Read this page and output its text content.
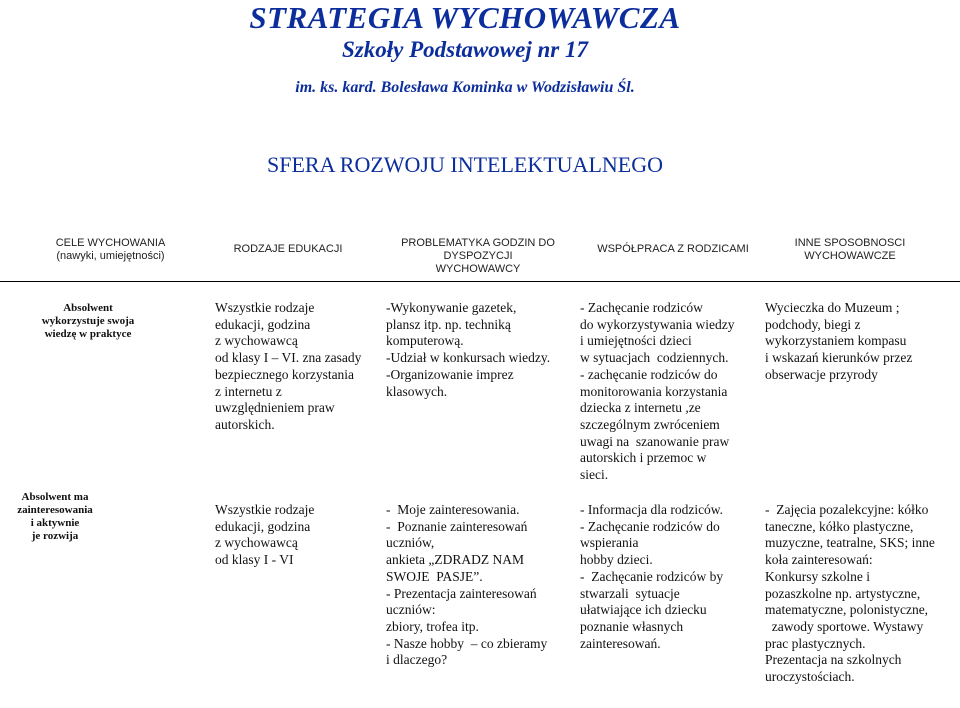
STRATEGIA WYCHOWAWCZA
Szkoły Podstawowej nr 17
im. ks. kard. Bolesława Kominka w Wodzisławiu Śl.
SFERA ROZWOJU INTELEKTUALNEGO
CELE WYCHOWANIA
(nawyki, umiejętności)
RODZAJE EDUKACJI	PROBLEMATYKA GODZIN DO
DYSPOZYCJI
WYCHOWAWCY
WSPÓŁPRACA Z RODZICAMI	INNE SPOSOBNOSCI
WYCHOWAWCZE
Absolwent
wykorzystuje swoja
wiedzę w praktyce
Wszystkie rodzaje
edukacji, godzina
z wychowawcą
od klasy I – VI. zna zasady
bezpiecznego korzystania
z internetu z
uwzględnieniem praw
autorskich.
-Wykonywanie gazetek,
plansz itp. np. techniką
komputerową.
-Udział w konkursach wiedzy.
-Organizowanie imprez
klasowych.
- Zachęcanie rodziców
do wykorzystywania wiedzy
i umiejętności dzieci
w sytuacjach  codziennych.
- zachęcanie rodziców do
monitorowania korzystania
dziecka z internetu ,ze
szczególnym zwróceniem
uwagi na  szanowanie praw
autorskich i przemoc w
sieci.
Wycieczka do Muzeum ;
podchody, biegi z
wykorzystaniem kompasu
i wskazań kierunków przez
obserwacje przyrody
Absolwent ma
zainteresowania
i aktywnie
je rozwija
Wszystkie rodzaje
edukacji, godzina
z wychowawcą
od klasy I - VI
-  Moje zainteresowania.
-  Poznanie zainteresowań
uczniów,
ankieta „ZDRADZ NAM
SWOJE  PASJE”.
- Prezentacja zainteresowań
uczniów:
zbiory, trofea itp.
- Nasze hobby  – co zbieramy
i dlaczego?
- Informacja dla rodziców.
- Zachęcanie rodziców do
wspierania
hobby dzieci.
-  Zachęcanie rodziców by
stwarzali  sytuacje
ułatwiające ich dziecku
poznanie własnych
zainteresowań.
-  Zajęcia pozalekcyjne: kółko
taneczne, kółko plastyczne,
muzyczne, teatralne, SKS; inne
koła zainteresowań:
Konkursy szkolne i
pozaszkolne np. artystyczne,
matematyczne, polonistyczne,
zawody sportowe. Wystawy
prac plastycznych.
Prezentacja na szkolnych
uroczystościach.
